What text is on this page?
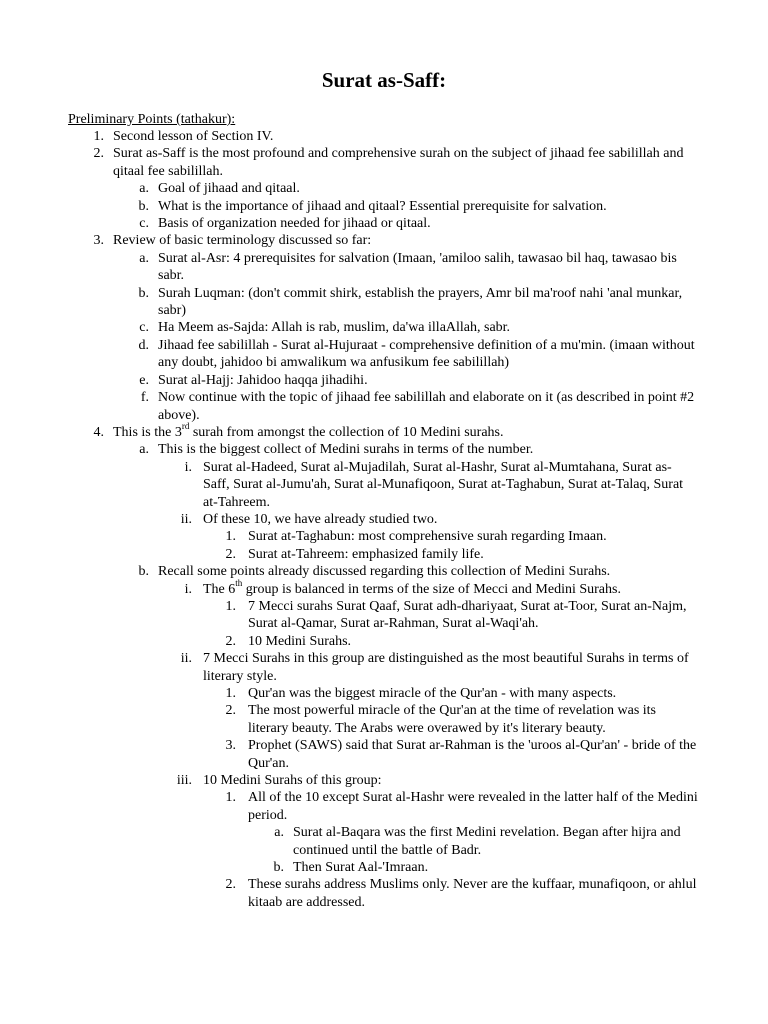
Surat as-Saff:
Preliminary Points (tathakur):
1. Second lesson of Section IV.
2. Surat as-Saff is the most profound and comprehensive surah on the subject of jihaad fee sabilillah and qitaal fee sabilillah.
a. Goal of jihaad and qitaal.
b. What is the importance of jihaad and qitaal? Essential prerequisite for salvation.
c. Basis of organization needed for jihaad or qitaal.
3. Review of basic terminology discussed so far:
a. Surat al-Asr: 4 prerequisites for salvation (Imaan, 'amiloo salih, tawasao bil haq, tawasao bis sabr.
b. Surah Luqman: (don't commit shirk, establish the prayers, Amr bil ma'roof nahi 'anal munkar, sabr)
c. Ha Meem as-Sajda: Allah is rab, muslim, da'wa illaAllah, sabr.
d. Jihaad fee sabilillah - Surat al-Hujuraat - comprehensive definition of a mu'min. (imaan without any doubt, jahidoo bi amwalikum wa anfusikum fee sabilillah)
e. Surat al-Hajj: Jahidoo haqqa jihadihi.
f. Now continue with the topic of jihaad fee sabilillah and elaborate on it (as described in point #2 above).
4. This is the 3rd surah from amongst the collection of 10 Medini surahs.
a. This is the biggest collect of Medini surahs in terms of the number.
i. Surat al-Hadeed, Surat al-Mujadilah, Surat al-Hashr, Surat al-Mumtahana, Surat as-Saff, Surat al-Jumu'ah, Surat al-Munafiqoon, Surat at-Taghabun, Surat at-Talaq, Surat at-Tahreem.
ii. Of these 10, we have already studied two.
1. Surat at-Taghabun: most comprehensive surah regarding Imaan.
2. Surat at-Tahreem: emphasized family life.
b. Recall some points already discussed regarding this collection of Medini Surahs.
i. The 6th group is balanced in terms of the size of Mecci and Medini Surahs.
1. 7 Mecci surahs Surat Qaaf, Surat adh-dhariyaat, Surat at-Toor, Surat an-Najm, Surat al-Qamar, Surat ar-Rahman, Surat al-Waqi'ah.
2. 10 Medini Surahs.
ii. 7 Mecci Surahs in this group are distinguished as the most beautiful Surahs in terms of literary style.
1. Qur'an was the biggest miracle of the Qur'an - with many aspects.
2. The most powerful miracle of the Qur'an at the time of revelation was its literary beauty. The Arabs were overawed by it's literary beauty.
3. Prophet (SAWS) said that Surat ar-Rahman is the 'uroos al-Qur'an' - bride of the Qur'an.
iii. 10 Medini Surahs of this group:
1. All of the 10 except Surat al-Hashr were revealed in the latter half of the Medini period.
a. Surat al-Baqara was the first Medini revelation. Began after hijra and continued until the battle of Badr.
b. Then Surat Aal-'Imraan.
2. These surahs address Muslims only. Never are the kuffaar, munafiqoon, or ahlul kitaab are addressed.
